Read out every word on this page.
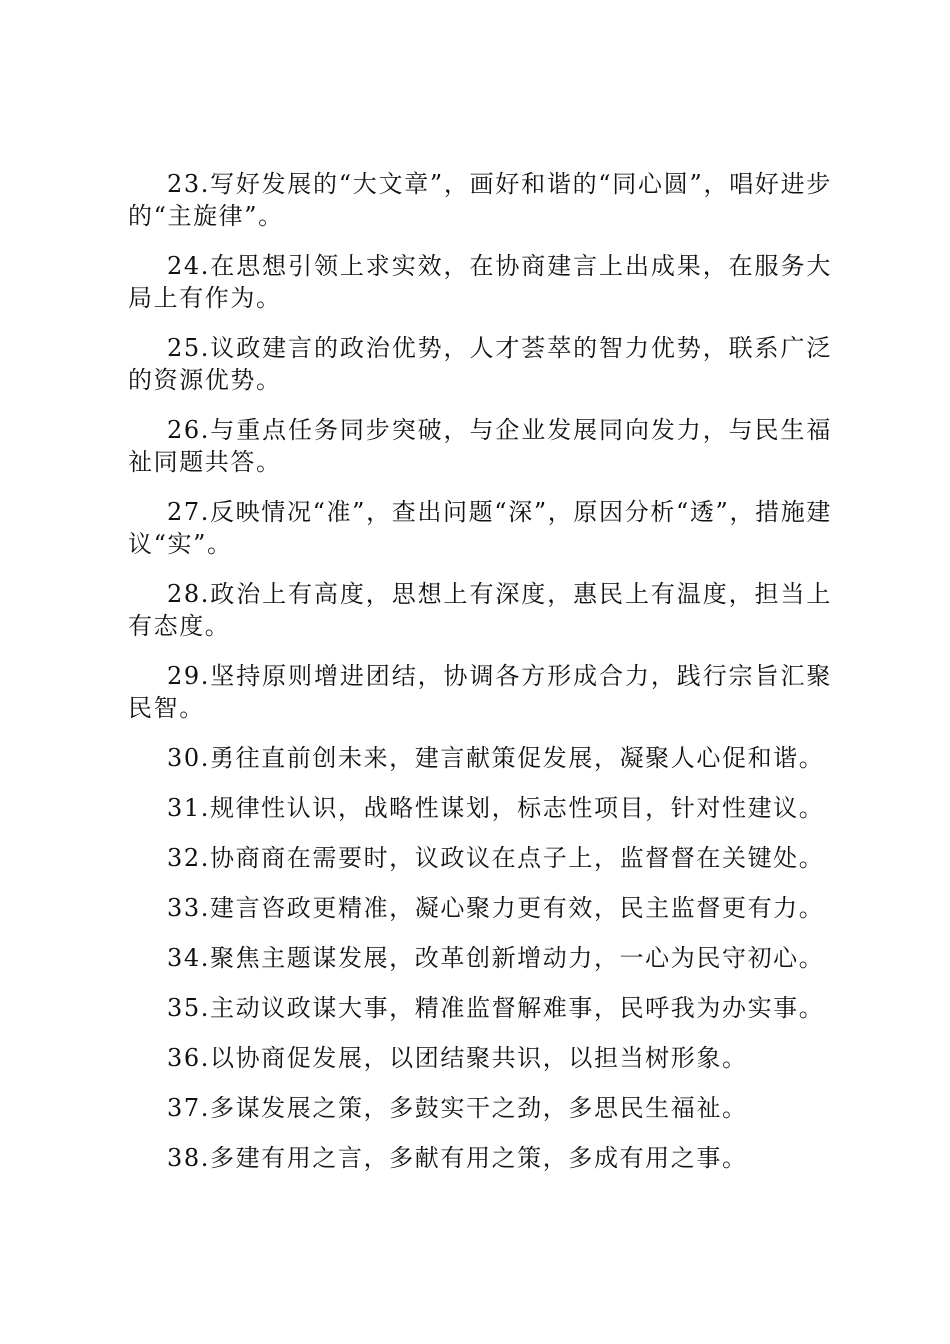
23.写好发展的“大文章”，画好和谐的“同心圆”，唱好进步的“主旋律”。

24.在思想引领上求实效，在协商建言上出成果，在服务大局上有作为。

25.议政建言的政治优势，人才荟萃的智力优势，联系广泛的资源优势。

26.与重点任务同步突破，与企业发展同向发力，与民生福祉同题共答。

27.反映情况“准”，查出问题“深”，原因分析“透”，措施建议“实”。

28.政治上有高度，思想上有深度，惠民上有温度，担当上有态度。

29.坚持原则增进团结，协调各方形成合力，践行宗旨汇聚民智。

30.勇往直前创未来，建言献策促发展，凝聚人心促和谐。

31.规律性认识，战略性谋划，标志性项目，针对性建议。

32.协商商在需要时，议政议在点子上，监督督在关键处。

33.建言咨政更精准，凝心聚力更有效，民主监督更有力。

34.聚焦主题谋发展，改革创新增动力，一心为民守初心。

35.主动议政谋大事，精准监督解难事，民呼我为办实事。

36.以协商促发展，以团结聚共识，以担当树形象。

37.多谋发展之策，多鼓实干之劲，多思民生福祉。

38.多建有用之言，多献有用之策，多成有用之事。
